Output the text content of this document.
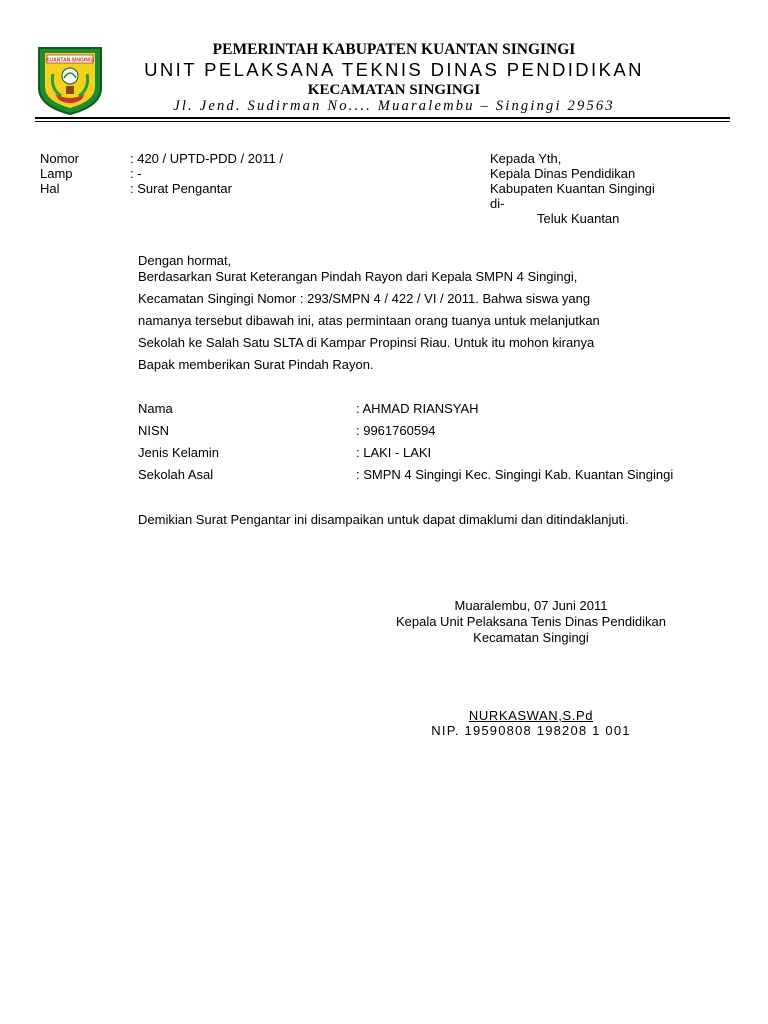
KUANTAN SINGINGI
PEMERINTAH KABUPATEN KUANTAN SINGINGI
UNIT PELAKSANA TEKNIS DINAS PENDIDIKAN
KECAMATAN SINGINGI
Jl. Jend. Sudirman No.... Muaralembu – Singingi 29563
Nomor	: 420 / UPTD-PDD / 2011 /
Lamp	: -
Hal	: Surat Pengantar
Kepada Yth,
Kepala Dinas Pendidikan
Kabupaten Kuantan Singingi
di-
Teluk Kuantan
Dengan hormat,
Berdasarkan Surat Keterangan Pindah Rayon dari Kepala SMPN 4 Singingi,
Kecamatan Singingi Nomor : 293/SMPN 4 / 422 / VI / 2011. Bahwa siswa yang
namanya tersebut dibawah ini, atas permintaan orang tuanya untuk melanjutkan
Sekolah ke Salah Satu SLTA di Kampar Propinsi Riau. Untuk itu mohon kiranya
Bapak memberikan Surat Pindah Rayon.
Nama	: AHMAD RIANSYAH
NISN	: 9961760594
Jenis Kelamin	: LAKI - LAKI
Sekolah Asal	: SMPN 4 Singingi Kec. Singingi Kab. Kuantan Singingi
Demikian Surat Pengantar ini disampaikan untuk dapat dimaklumi dan ditindaklanjuti.
Muaralembu, 07 Juni 2011
Kepala Unit Pelaksana Tenis Dinas Pendidikan
Kecamatan Singingi
NURKASWAN,S.Pd
NIP. 19590808 198208 1 001
